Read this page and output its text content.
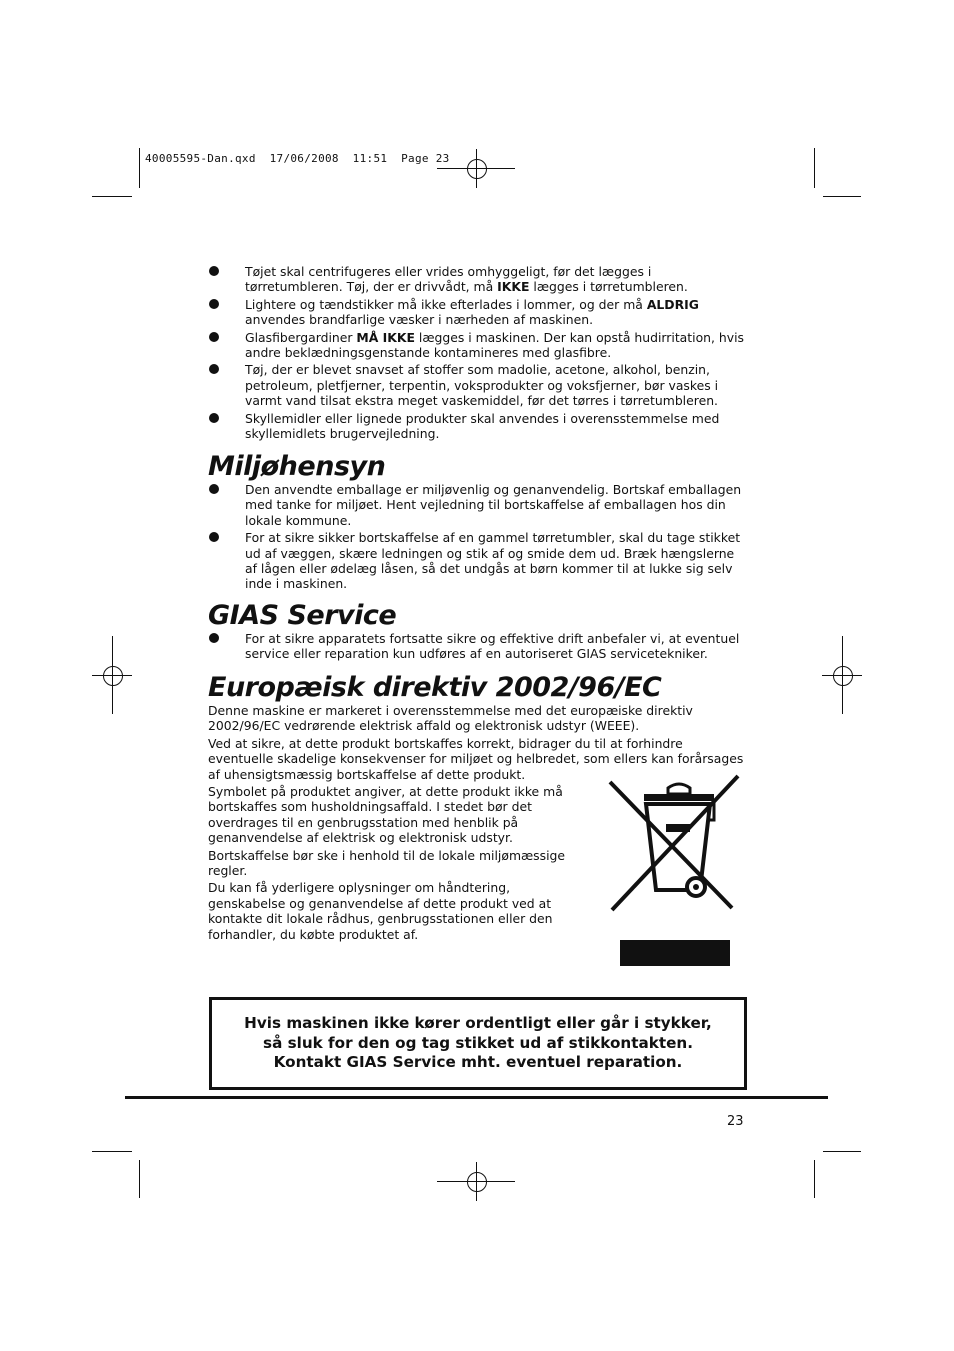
40005595-Dan.qxd  17/06/2008  11:51  Page 23
Tøjet skal centrifugeres eller vrides omhyggeligt, før det lægges i tørretumbleren. Tøj, der er drivvådt, må IKKE lægges i tørretumbleren.
Lightere og tændstikker må ikke efterlades i lommer, og der må ALDRIG anvendes brandfarlige væsker i nærheden af maskinen.
Glasfibergardiner MÅ IKKE lægges i maskinen. Der kan opstå hudirritation, hvis andre beklædningsgenstande kontamineres med glasfibre.
Tøj, der er blevet snavset af stoffer som madolie, acetone, alkohol, benzin, petroleum, pletfjerner, terpentin, voksprodukter og voksfjerner, bør vaskes i varmt vand tilsat ekstra meget vaskemiddel, før det tørres i tørretumbleren.
Skyllemidler eller lignede produkter skal anvendes i overensstemmelse med skyllemidlets brugervejledning.
Miljøhensyn
Den anvendte emballage er miljøvenlig og genanvendelig. Bortskaf emballagen med tanke for miljøet. Hent vejledning til bortskaffelse af emballagen hos din lokale kommune.
For at sikre sikker bortskaffelse af en gammel tørretumbler, skal du tage stikket ud af væggen, skære ledningen og stik af og smide dem ud. Bræk hængslerne af lågen eller ødelæg låsen, så det undgås at børn kommer til at lukke sig selv inde i maskinen.
GIAS Service
For at sikre apparatets fortsatte sikre og effektive drift anbefaler vi, at eventuel service eller reparation kun udføres af en autoriseret GIAS servicetekniker.
Europæisk direktiv 2002/96/EC

Denne maskine er markeret i overensstemmelse med det europæiske direktiv 2002/96/EC vedrørende elektrisk affald og elektronisk udstyr (WEEE).

Ved at sikre, at dette produkt bortskaffes korrekt, bidrager du til at forhindre eventuelle skadelige konsekvenser for miljøet og helbredet, som ellers kan forårsages af uhensigtsmæssig bortskaffelse af dette produkt.

Symbolet på produktet angiver, at dette produkt ikke må bortskaffes som husholdningsaffald. I stedet bør det overdrages til en genbrugsstation med henblik på genanvendelse af elektrisk og elektronisk udstyr.

Bortskaffelse bør ske i henhold til de lokale miljømæssige regler.

Du kan få yderligere oplysninger om håndtering, genskabelse og genanvendelse af dette produkt ved at kontakte dit lokale rådhus, genbrugsstationen eller den forhandler, du købte produktet af.

Hvis maskinen ikke kører ordentligt eller går i stykker, så sluk for den og tag stikket ud af stikkontakten. Kontakt GIAS Service mht. eventuel reparation.
23
